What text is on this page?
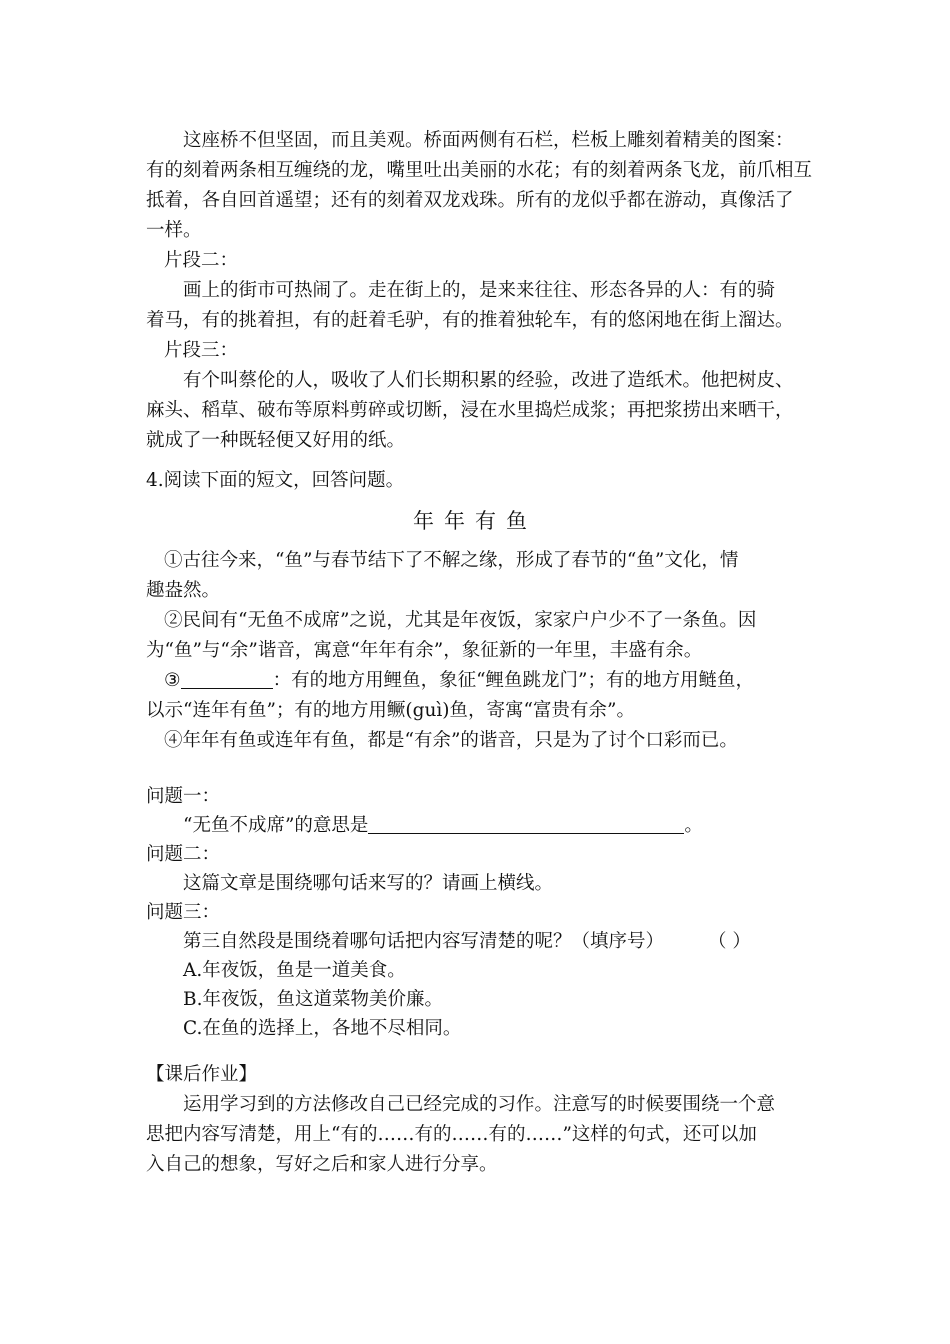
这座桥不但坚固，而且美观。桥面两侧有石栏，栏板上雕刻着精美的图案：
有的刻着两条相互缠绕的龙，嘴里吐出美丽的水花；有的刻着两条飞龙，前爪相互
抵着，各自回首遥望；还有的刻着双龙戏珠。所有的龙似乎都在游动，真像活了
一样。
片段二：
画上的街市可热闹了。走在街上的，是来来往往、形态各异的人：有的骑
着马，有的挑着担，有的赶着毛驴，有的推着独轮车，有的悠闲地在街上溜达。
片段三：
有个叫蔡伦的人，吸收了人们长期积累的经验，改进了造纸术。他把树皮、
麻头、稻草、破布等原料剪碎或切断，浸在水里捣烂成浆；再把浆捞出来晒干，
就成了一种既轻便又好用的纸。
4.阅读下面的短文，回答问题。
年年有鱼
①古往今来，“鱼”与春节结下了不解之缘，形成了春节的“鱼”文化，情
趣盎然。
②民间有“无鱼不成席”之说，尤其是年夜饭，家家户户少不了一条鱼。因
为“鱼”与“余”谐音，寓意“年年有余”，象征新的一年里，丰盛有余。
③	：有的地方用鲤鱼，象征“鲤鱼跳龙门”；有的地方用鲢鱼，
以示“连年有鱼”；有的地方用鳜(guì)鱼，寄寓“富贵有余”。
④年年有鱼或连年有鱼，都是“有余”的谐音，只是为了讨个口彩而已。
问题一：
“无鱼不成席”的意思是	。
问题二：
这篇文章是围绕哪句话来写的？请画上横线。
问题三：
第三自然段是围绕着哪句话把内容写清楚的呢？（填序号）	（ ）
A.年夜饭，鱼是一道美食。
B.年夜饭，鱼这道菜物美价廉。
C.在鱼的选择上，各地不尽相同。
【课后作业】
运用学习到的方法修改自己已经完成的习作。注意写的时候要围绕一个意
思把内容写清楚，用上“有的……有的……有的……”这样的句式，还可以加
入自己的想象，写好之后和家人进行分享。
